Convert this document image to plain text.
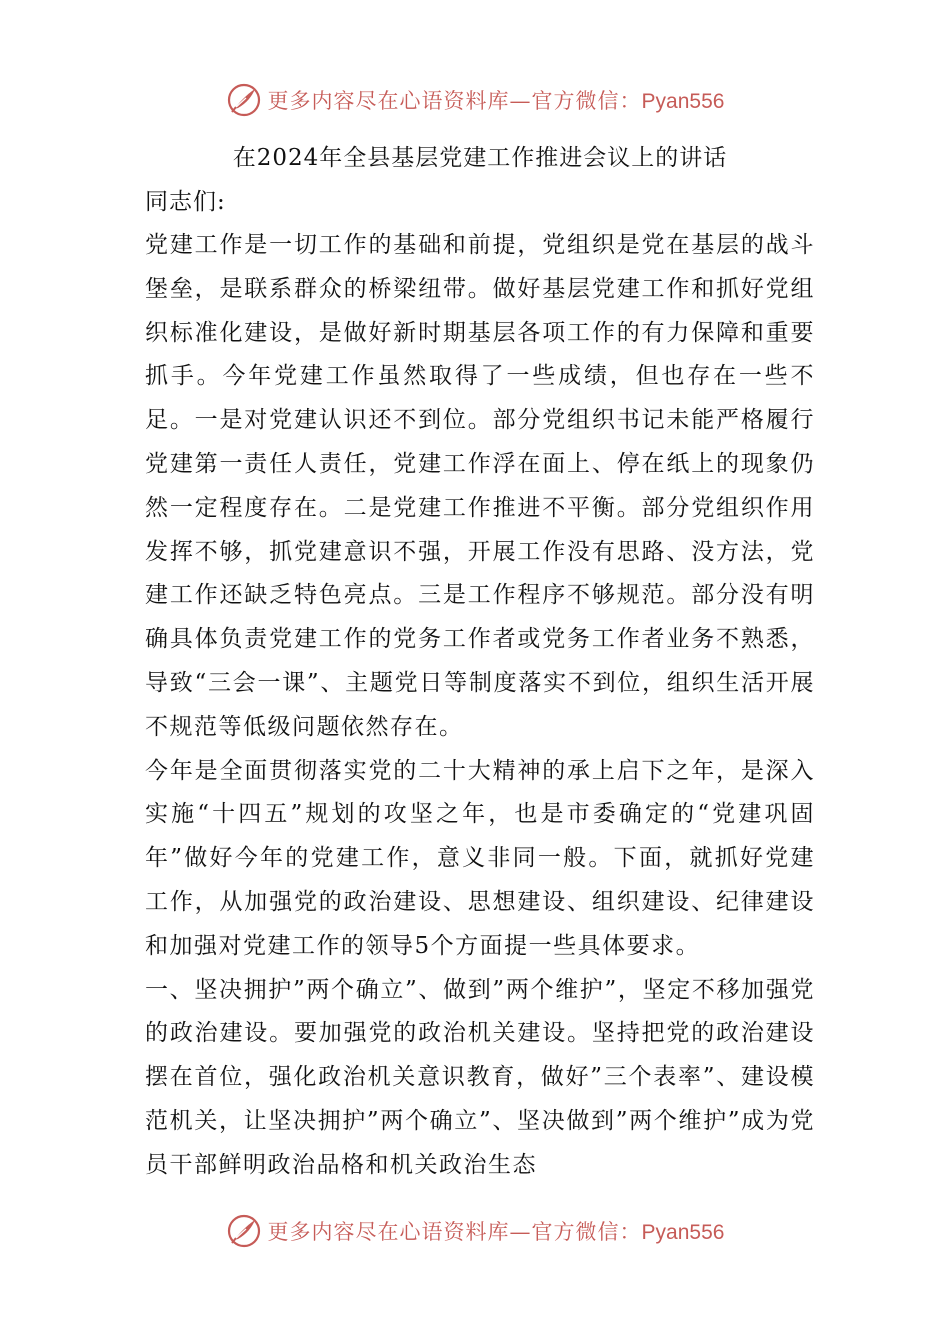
更多内容尽在心语资料库—官方微信：Pyan556
在2024年全县基层党建工作推进会议上的讲话

同志们:

党建工作是一切工作的基础和前提，党组织是党在基层的战斗堡垒，是联系群众的桥梁纽带。做好基层党建工作和抓好党组织标准化建设，是做好新时期基层各项工作的有力保障和重要抓手。今年党建工作虽然取得了一些成绩，但也存在一些不足。一是对党建认识还不到位。部分党组织书记未能严格履行党建第一责任人责任，党建工作浮在面上、停在纸上的现象仍然一定程度存在。二是党建工作推进不平衡。部分党组织作用发挥不够，抓党建意识不强，开展工作没有思路、没方法，党建工作还缺乏特色亮点。三是工作程序不够规范。部分没有明确具体负责党建工作的党务工作者或党务工作者业务不熟悉，导致“三会一课”、主题党日等制度落实不到位，组织生活开展不规范等低级问题依然存在。

今年是全面贯彻落实党的二十大精神的承上启下之年，是深入实施“十四五”规划的攻坚之年，也是市委确定的“党建巩固年”做好今年的党建工作，意义非同一般。下面，就抓好党建工作，从加强党的政治建设、思想建设、组织建设、纪律建设和加强对党建工作的领导5个方面提一些具体要求。

一、坚决拥护”两个确立”、做到”两个维护”，坚定不移加强党的政治建设。要加强党的政治机关建设。坚持把党的政治建设摆在首位，强化政治机关意识教育，做好”三个表率”、建设模范机关，让坚决拥护”两个确立”、坚决做到”两个维护”成为党员干部鲜明政治品格和机关政治生态

更多内容尽在心语资料库—官方微信：Pyan556
